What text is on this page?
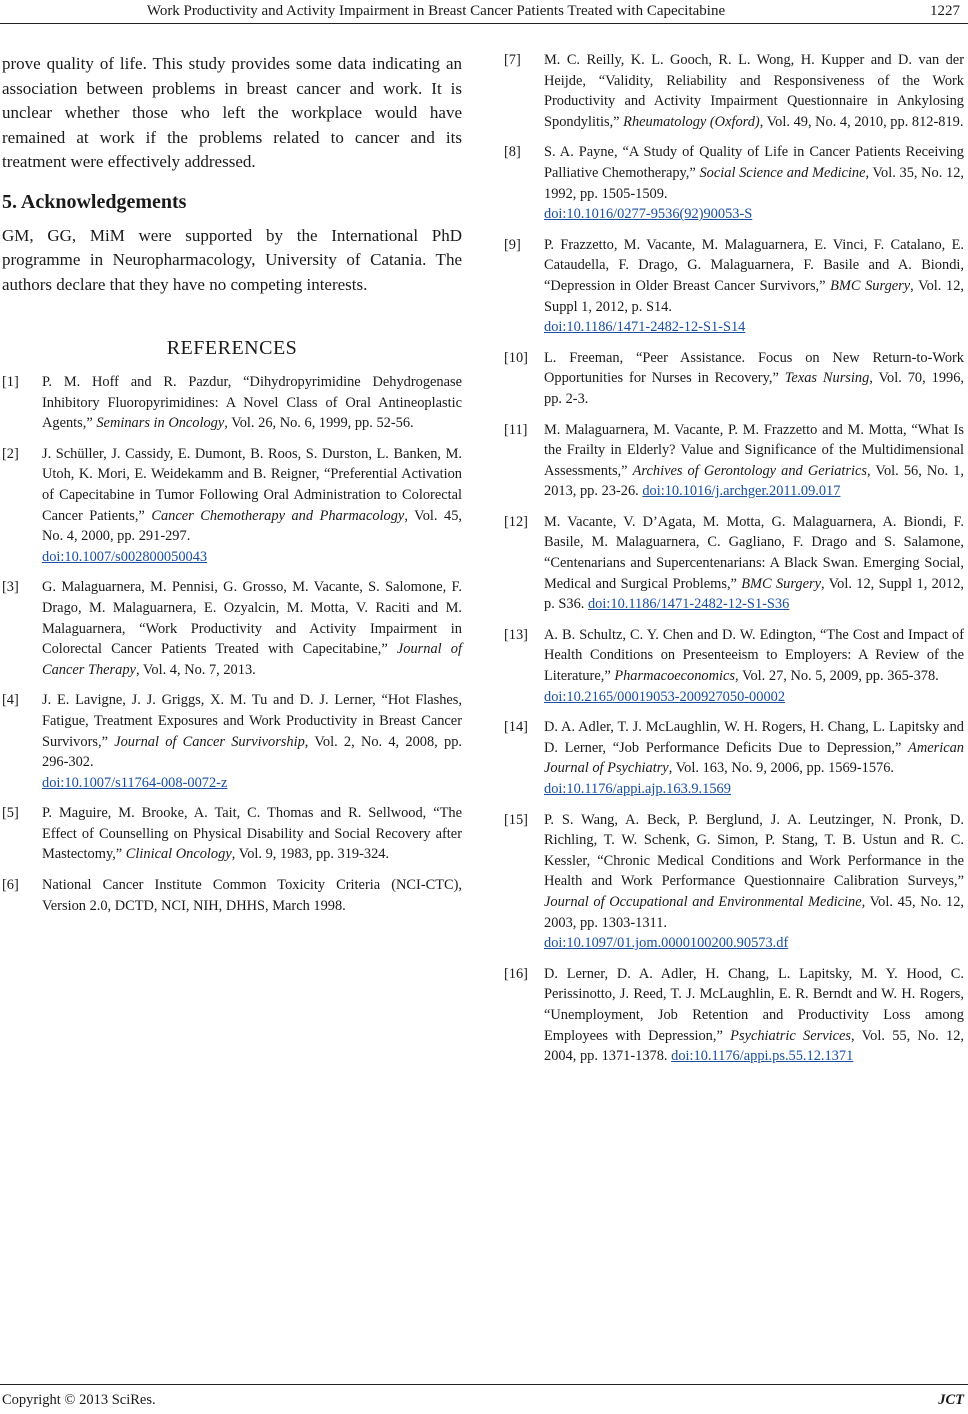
Work Productivity and Activity Impairment in Breast Cancer Patients Treated with Capecitabine	1227

prove quality of life. This study provides some data indicating an association between problems in breast cancer and work. It is unclear whether those who left the workplace would have remained at work if the problems related to cancer and its treatment were effectively addressed.

5. Acknowledgements

GM, GG, MiM were supported by the International PhD programme in Neuropharmacology, University of Catania. The authors declare that they have no competing interests.

REFERENCES
[1]	P. M. Hoff and R. Pazdur, “Dihydropyrimidine Dehydrogenase Inhibitory Fluoropyrimidines: A Novel Class of Oral Antineoplastic Agents,” Seminars in Oncology, Vol. 26, No. 6, 1999, pp. 52-56.
[2]	J. Schüller, J. Cassidy, E. Dumont, B. Roos, S. Durston, L. Banken, M. Utoh, K. Mori, E. Weidekamm and B. Reigner, “Preferential Activation of Capecitabine in Tumor Following Oral Administration to Colorectal Cancer Patients,” Cancer Chemotherapy and Pharmacology, Vol. 45, No. 4, 2000, pp. 291-297.
doi:10.1007/s002800050043
[3]	G. Malaguarnera, M. Pennisi, G. Grosso, M. Vacante, S. Salomone, F. Drago, M. Malaguarnera, E. Ozyalcin, M. Motta, V. Raciti and M. Malaguarnera, “Work Productivity and Activity Impairment in Colorectal Cancer Patients Treated with Capecitabine,” Journal of Cancer Therapy, Vol. 4, No. 7, 2013.
[4]	J. E. Lavigne, J. J. Griggs, X. M. Tu and D. J. Lerner, “Hot Flashes, Fatigue, Treatment Exposures and Work Productivity in Breast Cancer Survivors,” Journal of Cancer Survivorship, Vol. 2, No. 4, 2008, pp. 296-302.
doi:10.1007/s11764-008-0072-z
[5]	P. Maguire, M. Brooke, A. Tait, C. Thomas and R. Sellwood, “The Effect of Counselling on Physical Disability and Social Recovery after Mastectomy,” Clinical Oncology, Vol. 9, 1983, pp. 319-324.
[6]	National Cancer Institute Common Toxicity Criteria (NCI-CTC), Version 2.0, DCTD, NCI, NIH, DHHS, March 1998.
[7]	M. C. Reilly, K. L. Gooch, R. L. Wong, H. Kupper and D. van der Heijde, “Validity, Reliability and Responsiveness of the Work Productivity and Activity Impairment Questionnaire in Ankylosing Spondylitis,” Rheumatology (Oxford), Vol. 49, No. 4, 2010, pp. 812-819.
[8]	S. A. Payne, “A Study of Quality of Life in Cancer Patients Receiving Palliative Chemotherapy,” Social Science and Medicine, Vol. 35, No. 12, 1992, pp. 1505-1509.
doi:10.1016/0277-9536(92)90053-S
[9]	P. Frazzetto, M. Vacante, M. Malaguarnera, E. Vinci, F. Catalano, E. Cataudella, F. Drago, G. Malaguarnera, F. Basile and A. Biondi, “Depression in Older Breast Cancer Survivors,” BMC Surgery, Vol. 12, Suppl 1, 2012, p. S14.
doi:10.1186/1471-2482-12-S1-S14
[10]	L. Freeman, “Peer Assistance. Focus on New Return-to-Work Opportunities for Nurses in Recovery,” Texas Nursing, Vol. 70, 1996, pp. 2-3.
[11]	M. Malaguarnera, M. Vacante, P. M. Frazzetto and M. Motta, “What Is the Frailty in Elderly? Value and Significance of the Multidimensional Assessments,” Archives of Gerontology and Geriatrics, Vol. 56, No. 1, 2013, pp. 23-26. doi:10.1016/j.archger.2011.09.017
[12]	M. Vacante, V. D’Agata, M. Motta, G. Malaguarnera, A. Biondi, F. Basile, M. Malaguarnera, C. Gagliano, F. Drago and S. Salamone, “Centenarians and Supercentenarians: A Black Swan. Emerging Social, Medical and Surgical Problems,” BMC Surgery, Vol. 12, Suppl 1, 2012, p. S36. doi:10.1186/1471-2482-12-S1-S36
[13]	A. B. Schultz, C. Y. Chen and D. W. Edington, “The Cost and Impact of Health Conditions on Presenteeism to Employers: A Review of the Literature,” Pharmacoeconomics, Vol. 27, No. 5, 2009, pp. 365-378.
doi:10.2165/00019053-200927050-00002
[14]	D. A. Adler, T. J. McLaughlin, W. H. Rogers, H. Chang, L. Lapitsky and D. Lerner, “Job Performance Deficits Due to Depression,” American Journal of Psychiatry, Vol. 163, No. 9, 2006, pp. 1569-1576.
doi:10.1176/appi.ajp.163.9.1569
[15]	P. S. Wang, A. Beck, P. Berglund, J. A. Leutzinger, N. Pronk, D. Richling, T. W. Schenk, G. Simon, P. Stang, T. B. Ustun and R. C. Kessler, “Chronic Medical Conditions and Work Performance in the Health and Work Performance Questionnaire Calibration Surveys,” Journal of Occupational and Environmental Medicine, Vol. 45, No. 12, 2003, pp. 1303-1311.
doi:10.1097/01.jom.0000100200.90573.df
[16]	D. Lerner, D. A. Adler, H. Chang, L. Lapitsky, M. Y. Hood, C. Perissinotto, J. Reed, T. J. McLaughlin, E. R. Berndt and W. H. Rogers, “Unemployment, Job Retention and Productivity Loss among Employees with Depression,” Psychiatric Services, Vol. 55, No. 12, 2004, pp. 1371-1378. doi:10.1176/appi.ps.55.12.1371
Copyright © 2013 SciRes.	JCT
